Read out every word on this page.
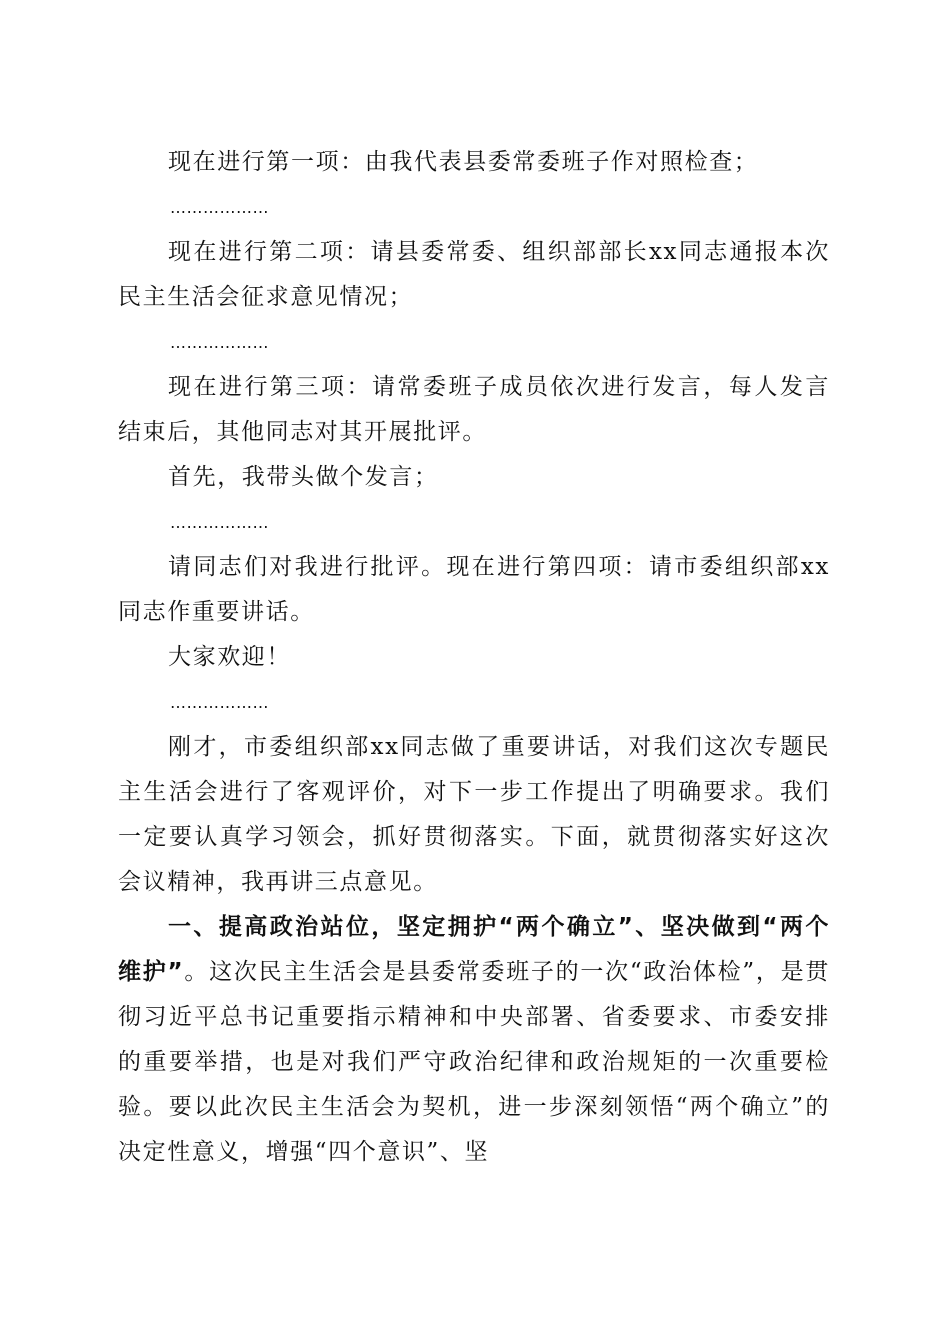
现在进行第一项：由我代表县委常委班子作对照检查；

………………

现在进行第二项：请县委常委、组织部部长xx同志通报本次民主生活会征求意见情况；

………………

现在进行第三项：请常委班子成员依次进行发言，每人发言结束后，其他同志对其开展批评。

首先，我带头做个发言；

………………

请同志们对我进行批评。现在进行第四项：请市委组织部xx同志作重要讲话。

大家欢迎！

………………

刚才，市委组织部xx同志做了重要讲话，对我们这次专题民主生活会进行了客观评价，对下一步工作提出了明确要求。我们一定要认真学习领会，抓好贯彻落实。下面，就贯彻落实好这次会议精神，我再讲三点意见。

一、提高政治站位，坚定拥护“两个确立”、坚决做到“两个维护”。这次民主生活会是县委常委班子的一次“政治体检”，是贯彻习近平总书记重要指示精神和中央部署、省委要求、市委安排的重要举措，也是对我们严守政治纪律和政治规矩的一次重要检验。要以此次民主生活会为契机，进一步深刻领悟“两个确立”的决定性意义，增强“四个意识”、坚
